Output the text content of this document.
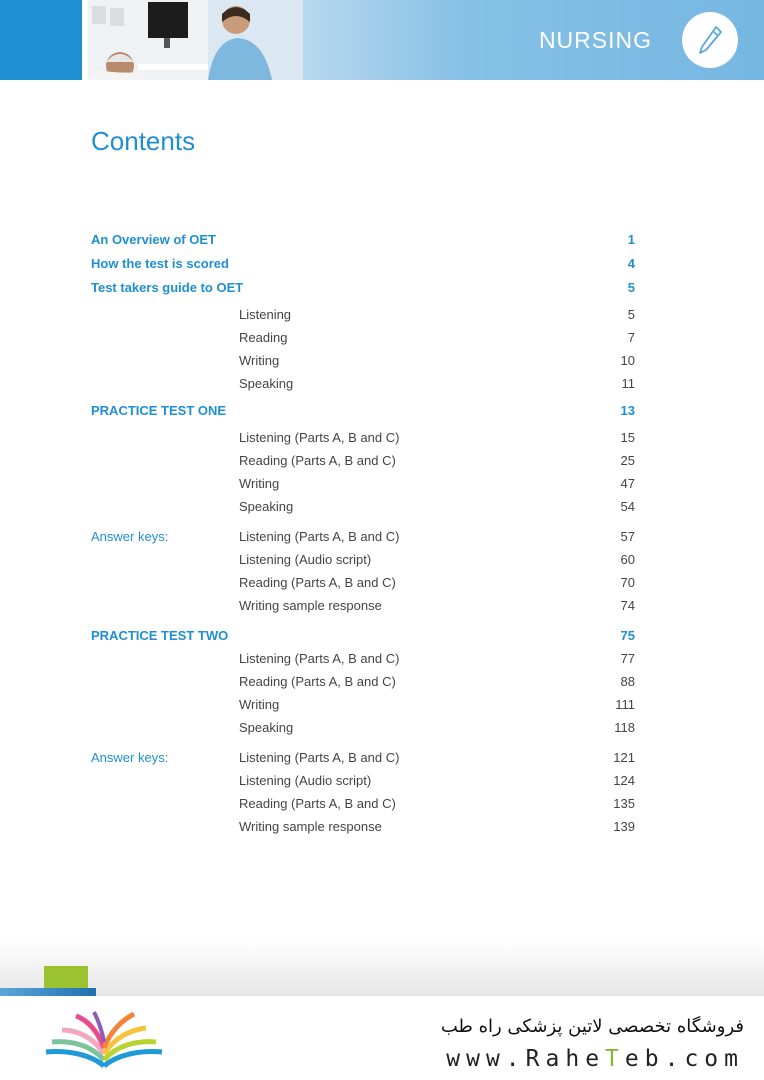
NURSING
Contents
An Overview of OET	1
How the test is scored	4
Test takers guide to OET	5
Listening	5
Reading	7
Writing	10
Speaking	11
PRACTICE TEST ONE	13
Listening (Parts A, B and C)	15
Reading (Parts A, B and C)	25
Writing	47
Speaking	54
Answer keys:	Listening (Parts A, B and C)	57
Listening (Audio script)	60
Reading (Parts A, B and C)	70
Writing sample response	74
PRACTICE TEST TWO	75
Listening (Parts A, B and C)	77
Reading (Parts A, B and C)	88
Writing	111
Speaking	118
Answer keys:	Listening (Parts A, B and C)	121
Listening (Audio script)	124
Reading (Parts A, B and C)	135
Writing sample response	139
فروشگاه تخصصی لاتین پزشکی راه طب
www.RaheTeb.com
